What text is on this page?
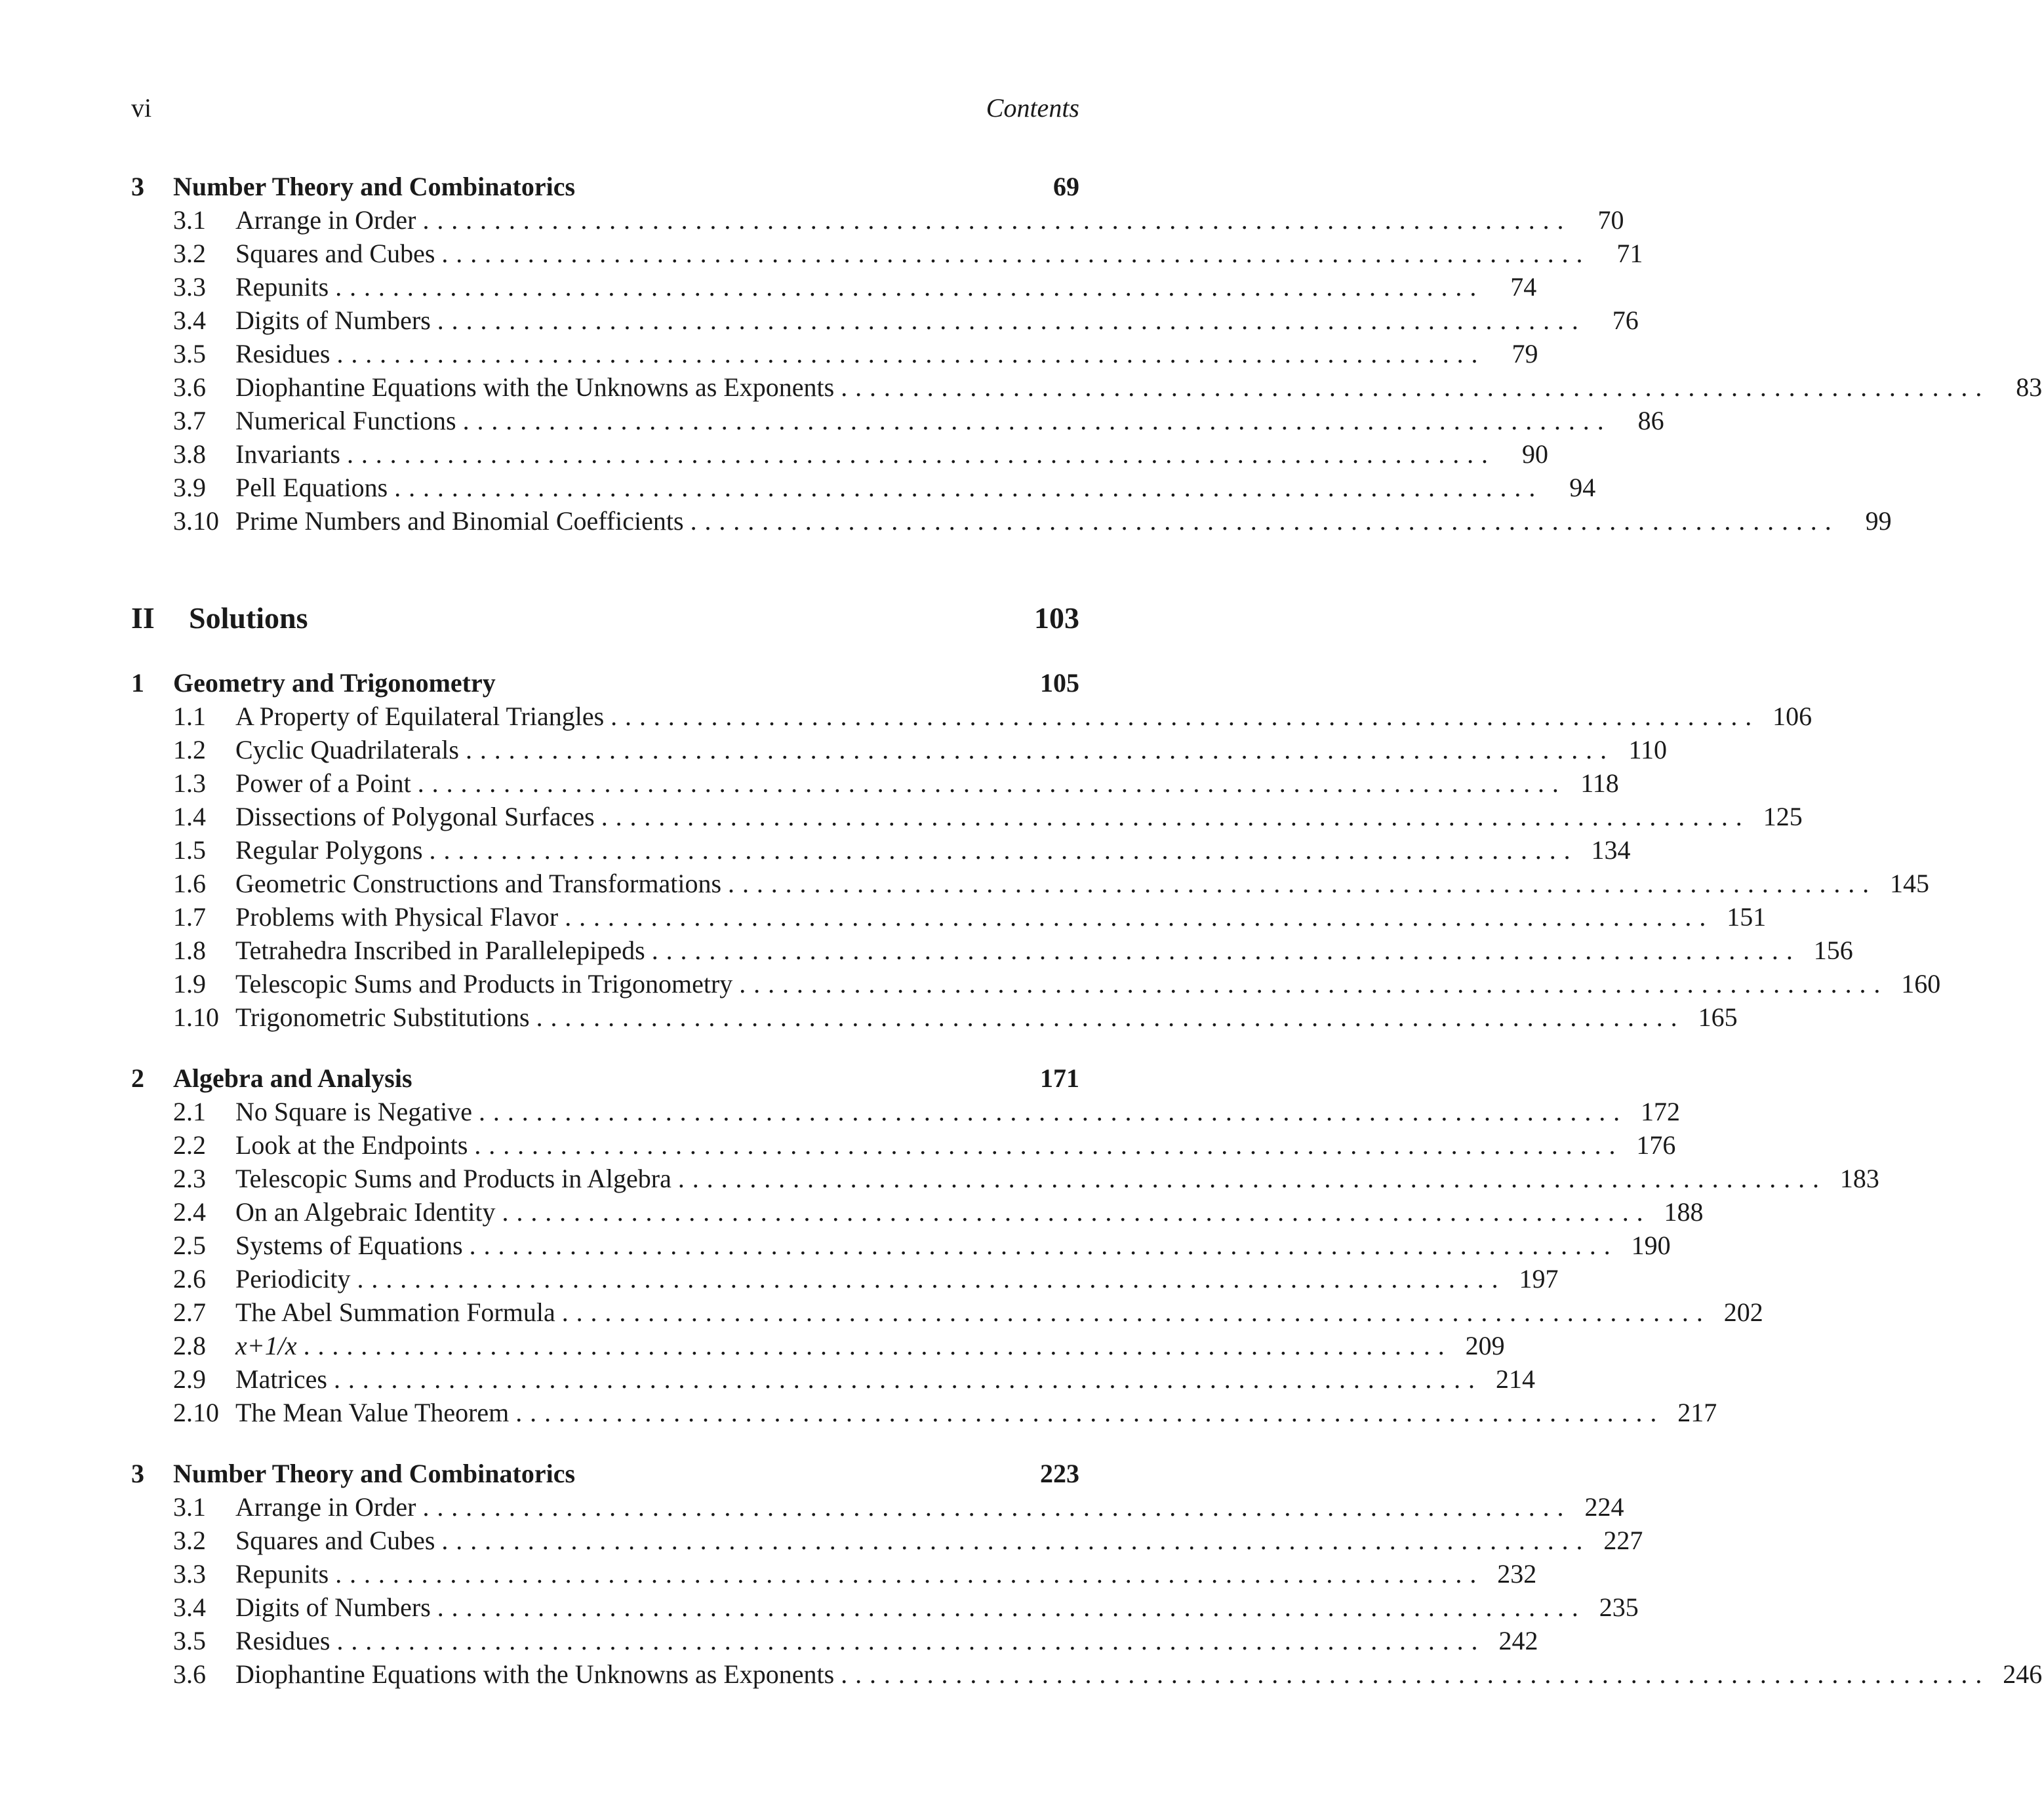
vi	Contents
3 Number Theory and Combinatorics	69
3.1 Arrange in Order ................................................................................	70
3.2 Squares and Cubes ................................................................................	71
3.3 Repunits ................................................................................	74
3.4 Digits of Numbers ................................................................................	76
3.5 Residues ................................................................................	79
3.6 Diophantine Equations with the Unknowns as Exponents ................................................................................	83
3.7 Numerical Functions ................................................................................	86
3.8 Invariants ................................................................................	90
3.9 Pell Equations ................................................................................	94
3.10 Prime Numbers and Binomial Coefficients ................................................................................	99
II Solutions	103
1 Geometry and Trigonometry	105
1.1 A Property of Equilateral Triangles ................................................................................ 106
1.2 Cyclic Quadrilaterals ................................................................................ 110
1.3 Power of a Point ................................................................................ 118
1.4 Dissections of Polygonal Surfaces ................................................................................ 125
1.5 Regular Polygons ................................................................................ 134
1.6 Geometric Constructions and Transformations ................................................................................ 145
1.7 Problems with Physical Flavor ................................................................................ 151
1.8 Tetrahedra Inscribed in Parallelepipeds ................................................................................ 156
1.9 Telescopic Sums and Products in Trigonometry ................................................................................ 160
1.10 Trigonometric Substitutions ................................................................................ 165
2 Algebra and Analysis	171
2.1 No Square is Negative ................................................................................ 172
2.2 Look at the Endpoints ................................................................................ 176
2.3 Telescopic Sums and Products in Algebra ................................................................................ 183
2.4 On an Algebraic Identity ................................................................................ 188
2.5 Systems of Equations ................................................................................ 190
2.6 Periodicity ................................................................................ 197
2.7 The Abel Summation Formula ................................................................................ 202
2.8 x+1/x ................................................................................ 209
2.9 Matrices ................................................................................ 214
2.10 The Mean Value Theorem ................................................................................ 217
3 Number Theory and Combinatorics	223
3.1 Arrange in Order ................................................................................ 224
3.2 Squares and Cubes ................................................................................ 227
3.3 Repunits ................................................................................ 232
3.4 Digits of Numbers ................................................................................ 235
3.5 Residues ................................................................................ 242
3.6 Diophantine Equations with the Unknowns as Exponents ................................................................................ 246
